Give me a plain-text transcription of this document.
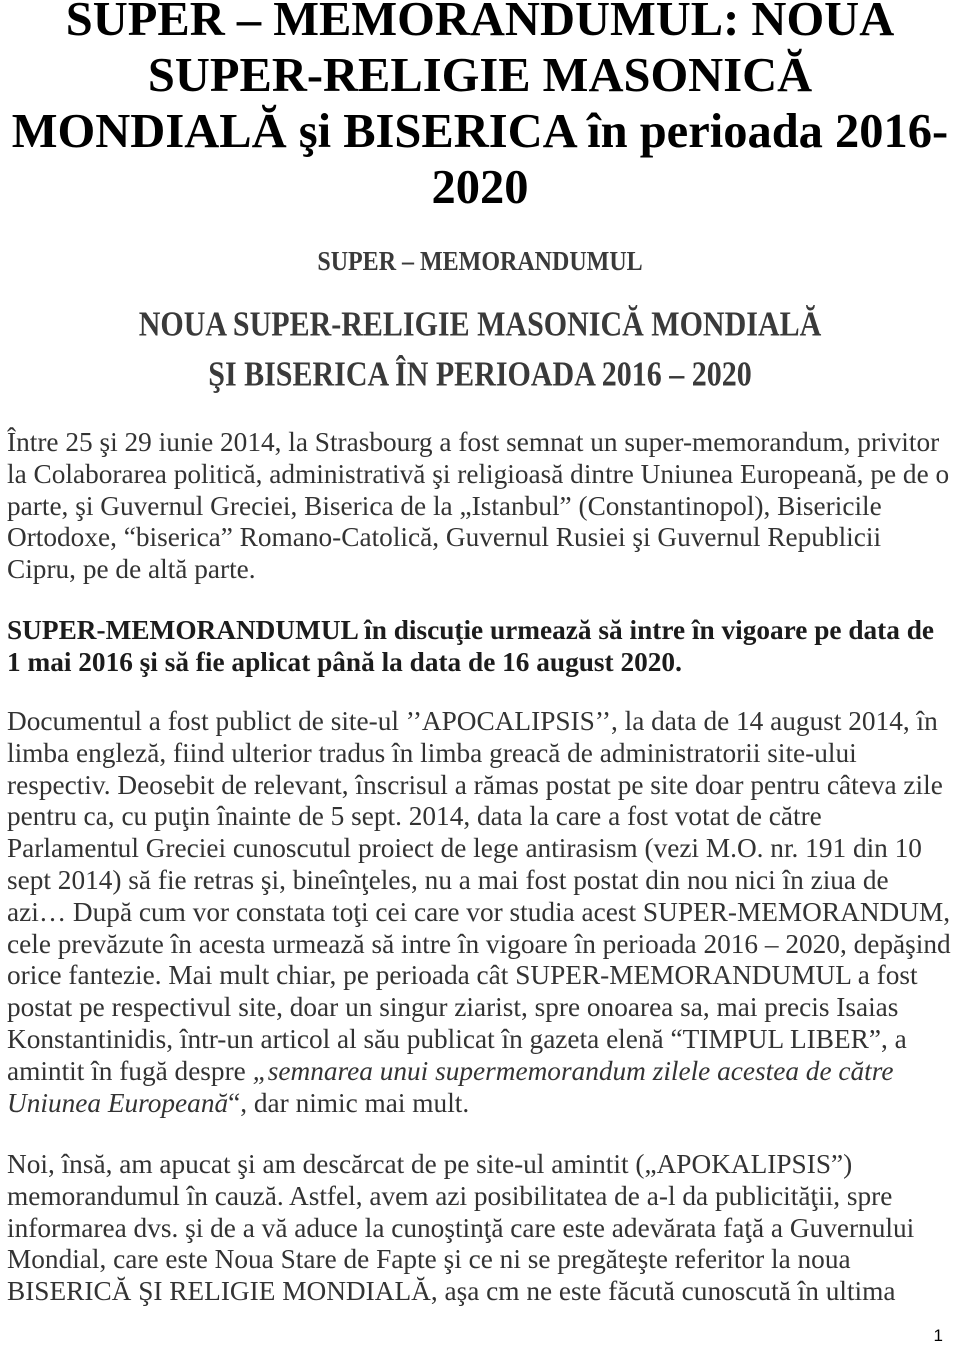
SUPER – MEMORANDUMUL: NOUA
SUPER-RELIGIE MASONICĂ
MONDIALĂ şi BISERICA în perioada 2016-
2020
SUPER – MEMORANDUMUL
NOUA SUPER-RELIGIE MASONICĂ MONDIALĂ
ŞI BISERICA ÎN PERIOADA 2016 – 2020
Între 25 şi 29 iunie 2014, la Strasbourg a fost semnat un super-memorandum, privitor
la Colaborarea politică, administrativă şi religioasă dintre Uniunea Europeană, pe de o
parte, şi Guvernul Greciei, Biserica de la „Istanbul” (Constantinopol), Bisericile
Ortodoxe, “biserica” Romano-Catolică, Guvernul Rusiei şi Guvernul Republicii
Cipru, pe de altă parte.
SUPER-MEMORANDUMUL în discuţie urmează să intre în vigoare pe data de
1 mai 2016 şi să fie aplicat până la data de 16 august 2020.
Documentul a fost publict de site-ul ’’APOCALIPSIS’’, la data de 14 august 2014, în
limba engleză, fiind ulterior tradus în limba greacă de administratorii site-ului
respectiv. Deosebit de relevant, înscrisul a rămas postat pe site doar pentru câteva zile
pentru ca, cu puţin înainte de 5 sept. 2014, data la care a fost votat de către
Parlamentul Greciei cunoscutul proiect de lege antirasism (vezi M.O. nr. 191 din 10
sept 2014) să fie retras şi, bineînţeles, nu a mai fost postat din nou nici în ziua de
azi… După cum vor constata toţi cei care vor studia acest SUPER-MEMORANDUM,
cele prevăzute în acesta urmează să intre în vigoare în perioada 2016 – 2020, depăşind
orice fantezie. Mai mult chiar, pe perioada cât SUPER-MEMORANDUMUL a fost
postat pe respectivul site, doar un singur ziarist, spre onoarea sa, mai precis Isaias
Konstantinidis, într-un articol al său publicat în gazeta elenă “TIMPUL LIBER”, a
amintit în fugă despre „semnarea unui supermemorandum zilele acestea de către
Uniunea Europeană“, dar nimic mai mult.
Noi, însă, am apucat şi am descărcat de pe site-ul amintit („APOKALIPSIS”)
memorandumul în cauză. Astfel, avem azi posibilitatea de a-l da publicităţii, spre
informarea dvs. şi de a vă aduce la cunoştinţă care este adevărata faţă a Guvernului
Mondial, care este Noua Stare de Fapte şi ce ni se pregăteşte referitor la noua
BISERICĂ ŞI RELIGIE MONDIALĂ, aşa cm ne este făcută cunoscută în ultima
1
